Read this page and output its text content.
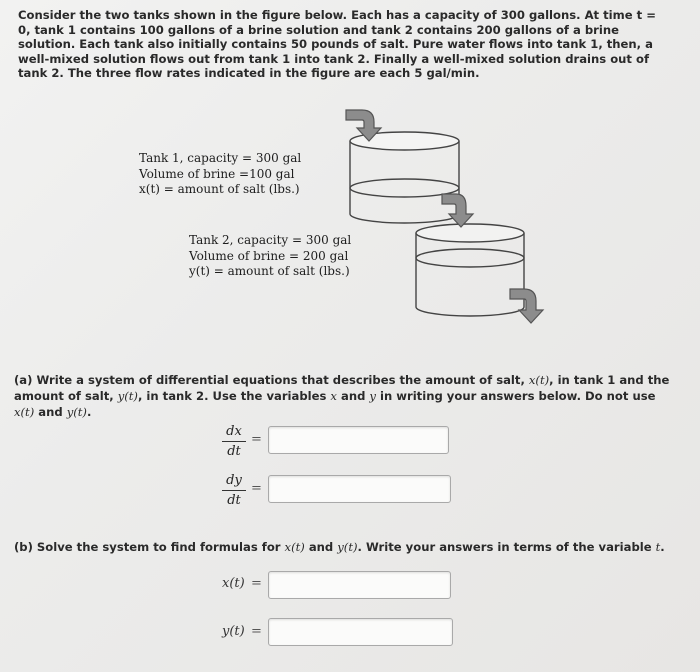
Consider the two tanks shown in the figure below. Each has a capacity of 300 gallons. At time t = 0, tank 1 contains 100 gallons of a brine solution and tank 2 contains 200 gallons of a brine solution. Each tank also initially contains 50 pounds of salt. Pure water flows into tank 1, then, a well-mixed solution flows out from tank 1 into tank 2. Finally a well-mixed solution drains out of tank 2. The three flow rates indicated in the figure are each 5 gal/min.
Tank 1, capacity = 300 gal
Volume of brine =100 gal
x(t) = amount of salt (lbs.)
Tank 2, capacity = 300 gal
Volume of brine = 200 gal
y(t) = amount of salt (lbs.)
(a) Write a system of differential equations that describes the amount of salt, x(t), in tank 1 and the amount of salt, y(t), in tank 2. Use the variables x and y in writing your answers below. Do not use x(t) and y(t).
dx
dt
=
dy
dt
=
(b) Solve the system to find formulas for x(t) and y(t). Write your answers in terms of the variable t.
x(t) =
y(t) =
